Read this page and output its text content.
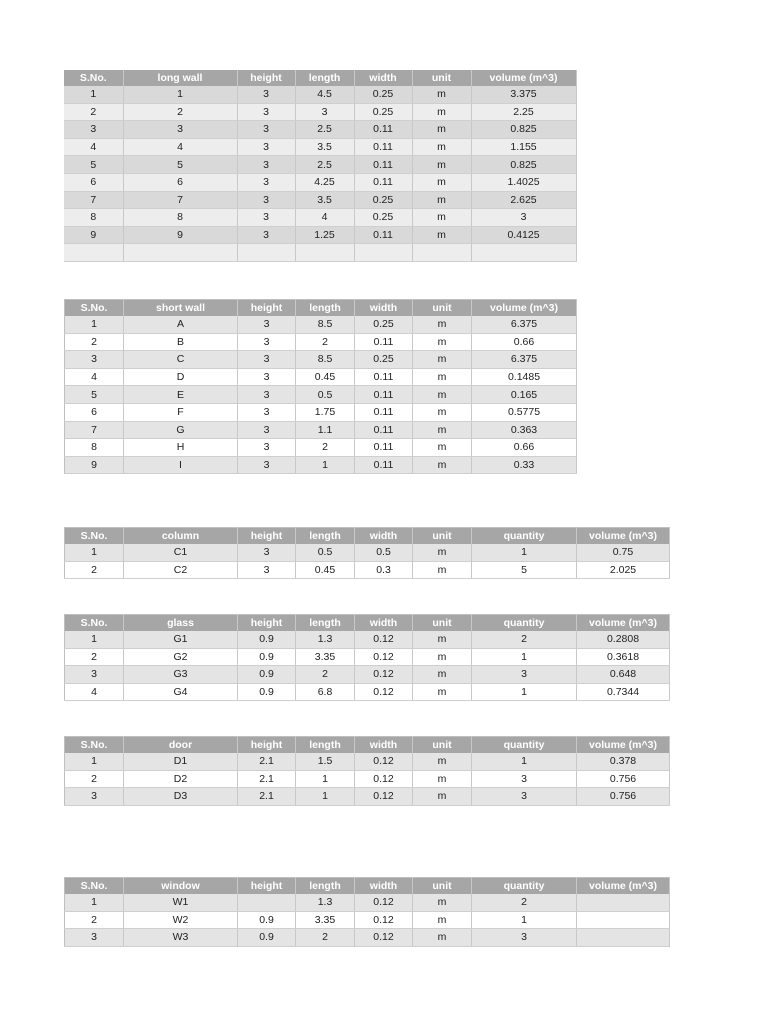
S.No.	long wall	height	length	width	unit	volume (m^3)
1	1	3	4.5	0.25	m	3.375
2	2	3	3	0.25	m	2.25
3	3	3	2.5	0.11	m	0.825
4	4	3	3.5	0.11	m	1.155
5	5	3	2.5	0.11	m	0.825
6	6	3	4.25	0.11	m	1.4025
7	7	3	3.5	0.25	m	2.625
8	8	3	4	0.25	m	3
9	9	3	1.25	0.11	m	0.4125

S.No.	short wall	height	length	width	unit	volume (m^3)
1	A	3	8.5	0.25	m	6.375
2	B	3	2	0.11	m	0.66
3	C	3	8.5	0.25	m	6.375
4	D	3	0.45	0.11	m	0.1485
5	E	3	0.5	0.11	m	0.165
6	F	3	1.75	0.11	m	0.5775
7	G	3	1.1	0.11	m	0.363
8	H	3	2	0.11	m	0.66
9	I	3	1	0.11	m	0.33
S.No.	column	height	length	width	unit	quantity	volume (m^3)
1	C1	3	0.5	0.5	m	1	0.75
2	C2	3	0.45	0.3	m	5	2.025
S.No.	glass	height	length	width	unit	quantity	volume (m^3)
1	G1	0.9	1.3	0.12	m	2	0.2808
2	G2	0.9	3.35	0.12	m	1	0.3618
3	G3	0.9	2	0.12	m	3	0.648
4	G4	0.9	6.8	0.12	m	1	0.7344
S.No.	door	height	length	width	unit	quantity	volume (m^3)
1	D1	2.1	1.5	0.12	m	1	0.378
2	D2	2.1	1	0.12	m	3	0.756
3	D3	2.1	1	0.12	m	3	0.756
S.No.	window	height	length	width	unit	quantity	volume (m^3)
1	W1		1.3	0.12	m	2	
2	W2	0.9	3.35	0.12	m	1	
3	W3	0.9	2	0.12	m	3	
